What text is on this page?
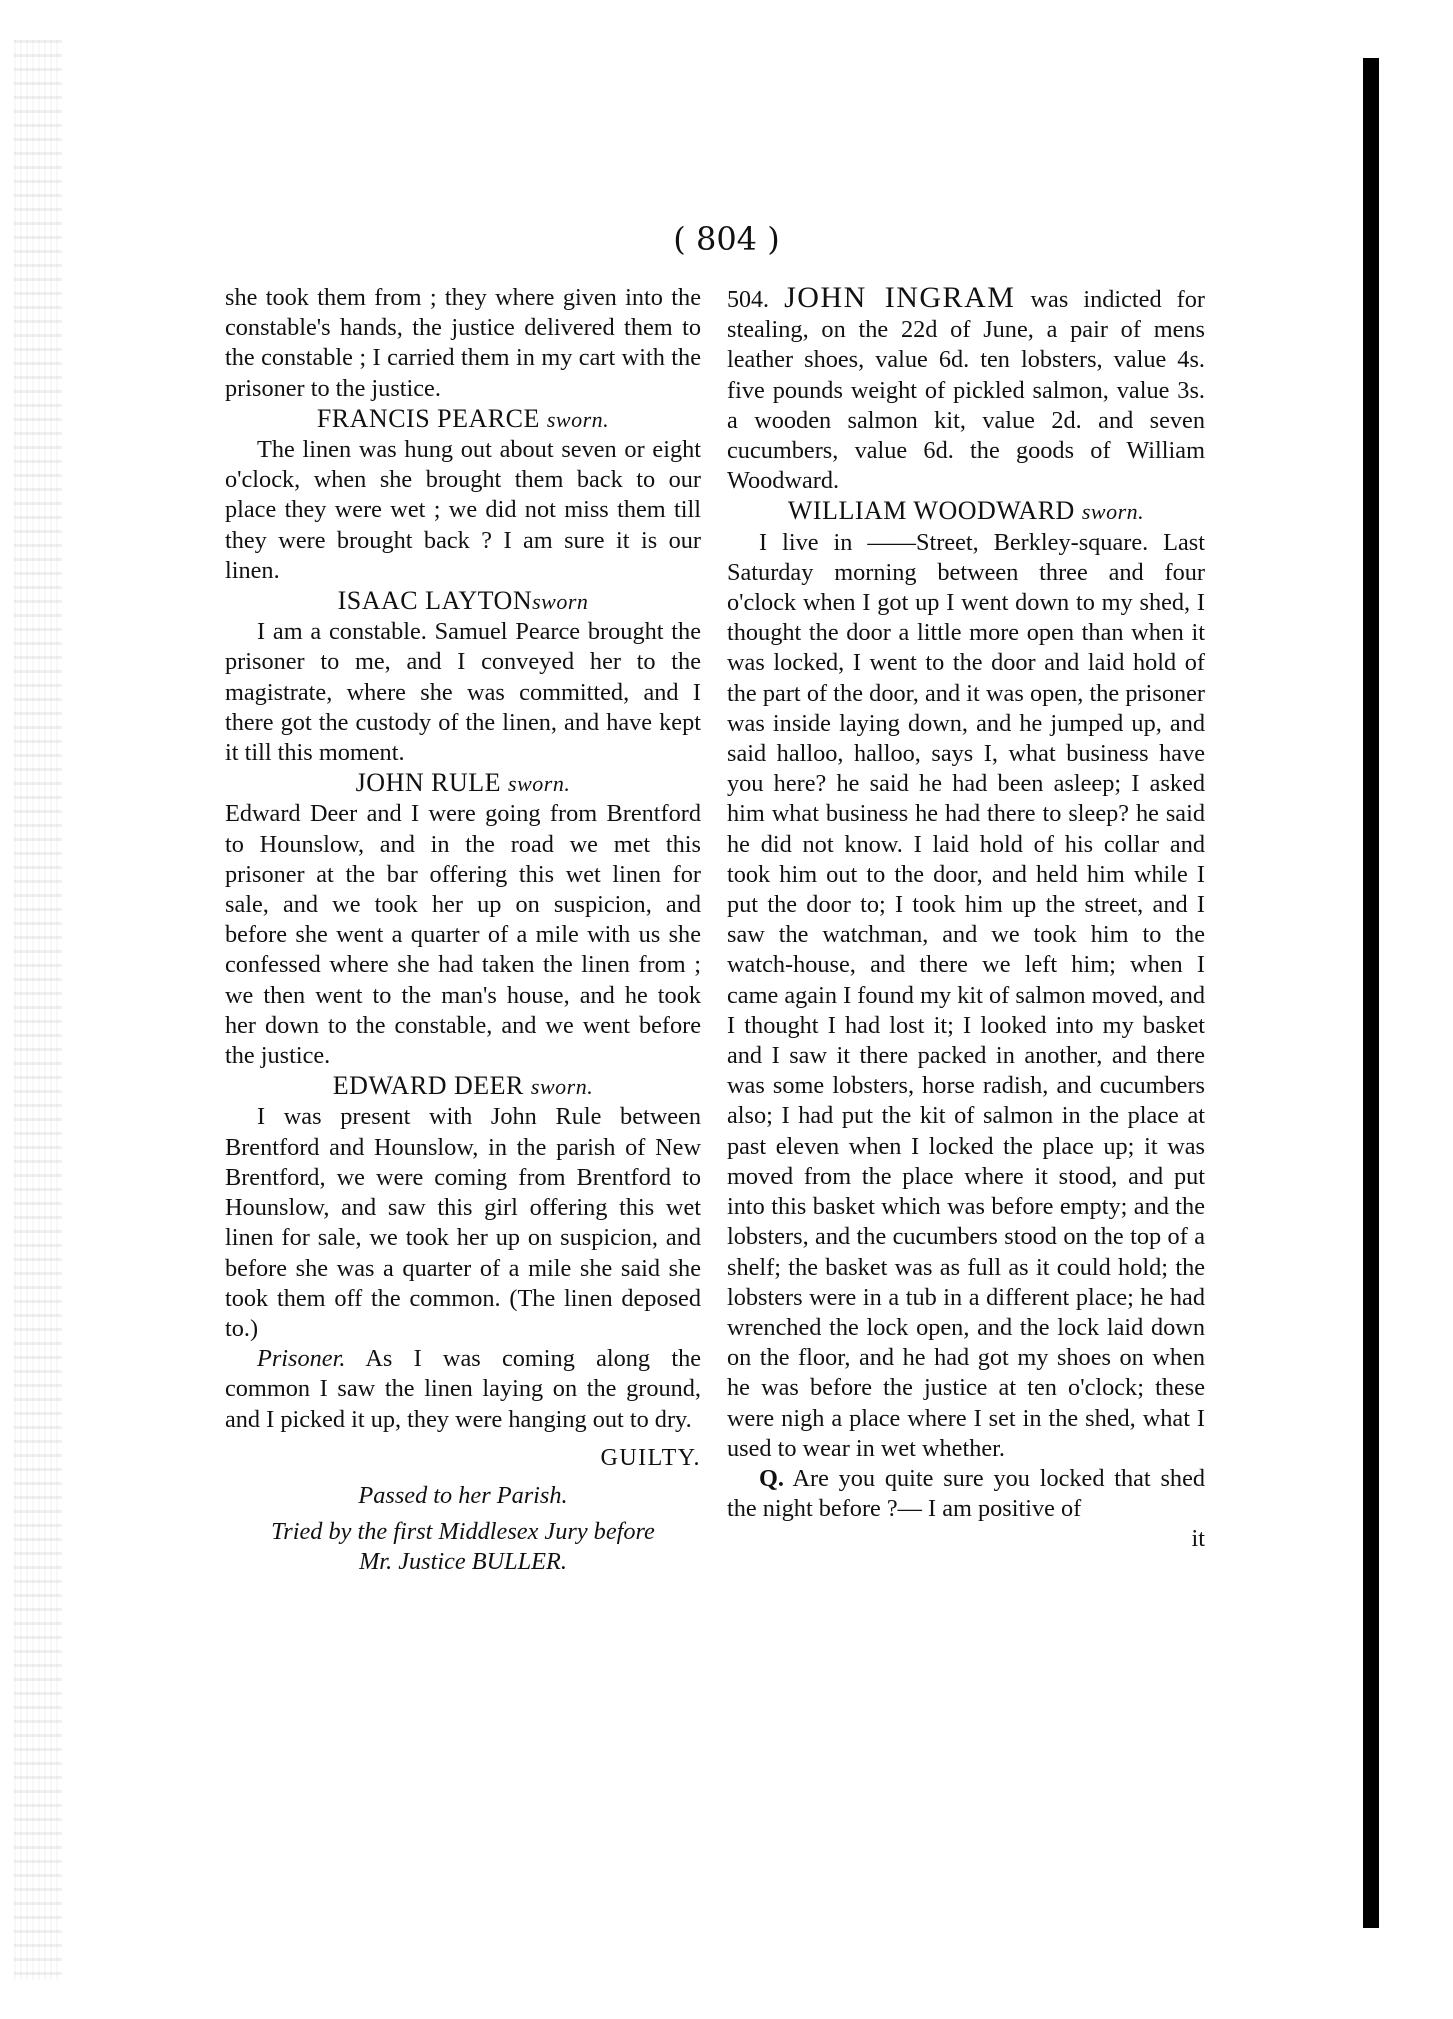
( 804 )

she took them from ; they where given into the constable's hands, the justice delivered them to the constable ; I carried them in my cart with the prisoner to the justice.

FRANCIS PEARCE sworn.

The linen was hung out about seven or eight o'clock, when she brought them back to our place they were wet ; we did not miss them till they were brought back ? I am sure it is our linen.

ISAAC LAYTONsworn

I am a constable. Samuel Pearce brought the prisoner to me, and I conveyed her to the magistrate, where she was committed, and I there got the custody of the linen, and have kept it till this moment.

JOHN RULE sworn.

Edward Deer and I were going from Brentford to Hounslow, and in the road we met this prisoner at the bar offering this wet linen for sale, and we took her up on suspicion, and before she went a quarter of a mile with us she confessed where she had taken the linen from ; we then went to the man's house, and he took her down to the constable, and we went before the justice.

EDWARD DEER sworn.

I was present with John Rule between Brentford and Hounslow, in the parish of New Brentford, we were coming from Brentford to Hounslow, and saw this girl offering this wet linen for sale, we took her up on suspicion, and before she was a quarter of a mile she said she took them off the common. (The linen deposed to.)

Prisoner. As I was coming along the common I saw the linen laying on the ground, and I picked it up, they were hanging out to dry.

GUILTY.

Passed to her Parish.

Tried by the first Middlesex Jury before
Mr. Justice BULLER.

504. JOHN INGRAM was indicted for stealing, on the 22d of June, a pair of mens leather shoes, value 6d. ten lobsters, value 4s. five pounds weight of pickled salmon, value 3s. a wooden salmon kit, value 2d. and seven cucumbers, value 6d. the goods of William Woodward.

WILLIAM WOODWARD sworn.

I live in ——Street, Berkley-square. Last Saturday morning between three and four o'clock when I got up I went down to my shed, I thought the door a little more open than when it was locked, I went to the door and laid hold of the part of the door, and it was open, the prisoner was inside laying down, and he jumped up, and said halloo, halloo, says I, what business have you here? he said he had been asleep; I asked him what business he had there to sleep? he said he did not know. I laid hold of his collar and took him out to the door, and held him while I put the door to; I took him up the street, and I saw the watchman, and we took him to the watch-house, and there we left him; when I came again I found my kit of salmon moved, and I thought I had lost it; I looked into my basket and I saw it there packed in another, and there was some lobsters, horse radish, and cucumbers also; I had put the kit of salmon in the place at past eleven when I locked the place up; it was moved from the place where it stood, and put into this basket which was before empty; and the lobsters, and the cucumbers stood on the top of a shelf; the basket was as full as it could hold; the lobsters were in a tub in a different place; he had wrenched the lock open, and the lock laid down on the floor, and he had got my shoes on when he was before the justice at ten o'clock; these were nigh a place where I set in the shed, what I used to wear in wet whether.

Q. Are you quite sure you locked that shed the night before ?— I am positive of

it
